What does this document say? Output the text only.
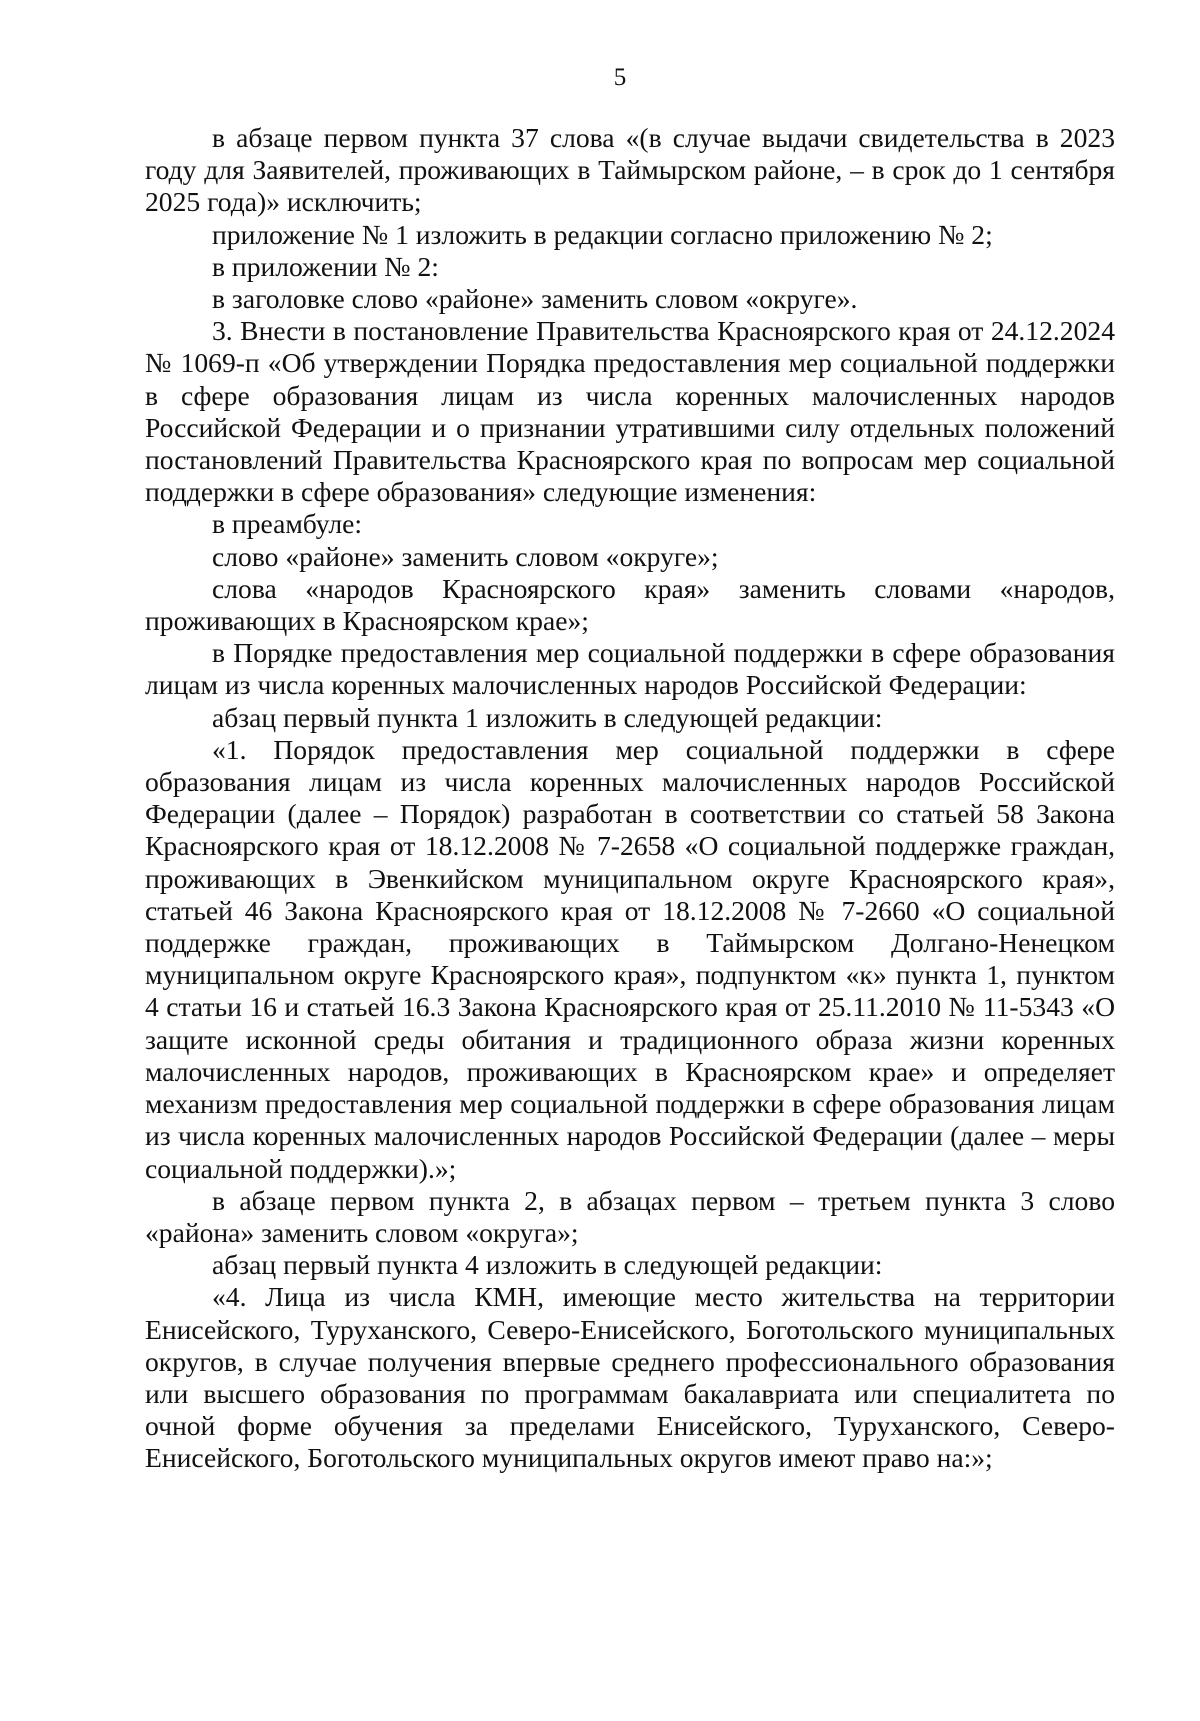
5

в абзаце первом пункта 37 слова «(в случае выдачи свидетельства в 2023 году для Заявителей, проживающих в Таймырском районе, – в срок до 1 сентября 2025 года)» исключить;

приложение № 1 изложить в редакции согласно приложению № 2;

в приложении № 2:

в заголовке слово «районе» заменить словом «округе».

3. Внести в постановление Правительства Красноярского края от 24.12.2024 № 1069-п «Об утверждении Порядка предоставления мер социальной поддержки в сфере образования лицам из числа коренных малочисленных народов Российской Федерации и о признании утратившими силу отдельных положений постановлений Правительства Красноярского края по вопросам мер социальной поддержки в сфере образования» следующие изменения:

в преамбуле:

слово «районе» заменить словом «округе»;

слова «народов Красноярского края» заменить словами «народов, проживающих в Красноярском крае»;

в Порядке предоставления мер социальной поддержки в сфере образования лицам из числа коренных малочисленных народов Российской Федерации:

абзац первый пункта 1 изложить в следующей редакции:

«1. Порядок предоставления мер социальной поддержки в сфере образования лицам из числа коренных малочисленных народов Российской Федерации (далее – Порядок) разработан в соответствии со статьей 58 Закона Красноярского края от 18.12.2008 № 7-2658 «О социальной поддержке граждан, проживающих в Эвенкийском муниципальном округе Красноярского края», статьей 46 Закона Красноярского края от 18.12.2008 № 7-2660 «О социальной поддержке граждан, проживающих в Таймырском Долгано-Ненецком муниципальном округе Красноярского края», подпунктом «к» пункта 1, пунктом 4 статьи 16 и статьей 16.3 Закона Красноярского края от 25.11.2010 № 11-5343 «О защите исконной среды обитания и традиционного образа жизни коренных малочисленных народов, проживающих в Красноярском крае» и определяет механизм предоставления мер социальной поддержки в сфере образования лицам из числа коренных малочисленных народов Российской Федерации (далее – меры социальной поддержки).»;

в абзаце первом пункта 2, в абзацах первом – третьем пункта 3 слово «района» заменить словом «округа»;

абзац первый пункта 4 изложить в следующей редакции:

«4. Лица из числа КМН, имеющие место жительства на территории Енисейского, Туруханского, Северо-Енисейского, Боготольского муниципальных округов, в случае получения впервые среднего профессионального образования или высшего образования по программам бакалавриата или специалитета по очной форме обучения за пределами Енисейского, Туруханского, Северо-Енисейского, Боготольского муниципальных округов имеют право на:»;
